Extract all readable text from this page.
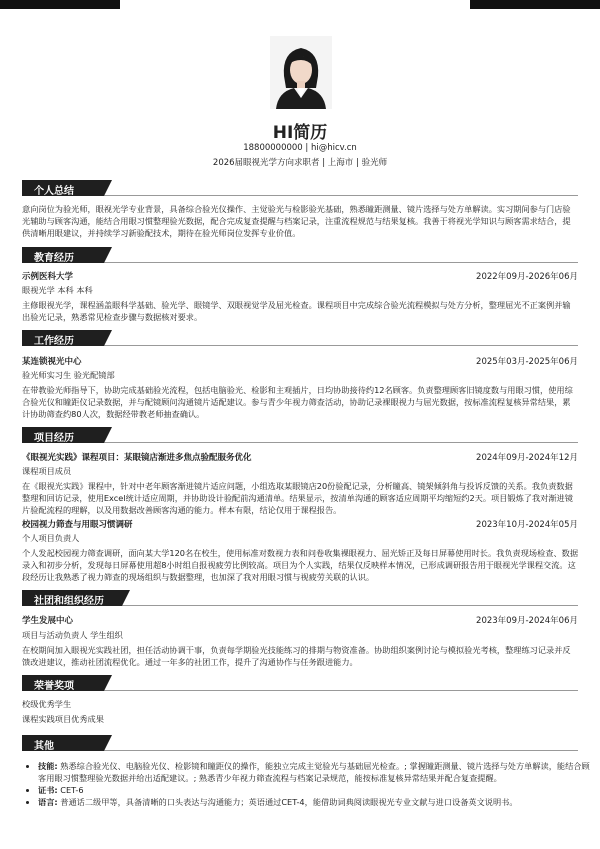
HI简历
18800000000 | hi@hicv.cn
2026届眼视光学方向求职者 | 上海市 | 验光师
个人总结
意向岗位为验光师，眼视光学专业背景，具备综合验光仪操作、主觉验光与检影验光基础，熟悉瞳距测量、镜片选择与处方单解读。实习期间参与门店验光辅助与顾客沟通，能结合用眼习惯整理验光数据，配合完成复查提醒与档案记录，注重流程规范与结果复核。我善于将视光学知识与顾客需求结合，提供清晰用眼建议，并持续学习新验配技术，期待在验光师岗位发挥专业价值。
教育经历
示例医科大学	2022年09月-2026年06月
眼视光学 本科 本科
主修眼视光学，课程涵盖眼科学基础、验光学、眼镜学、双眼视觉学及屈光检查。课程项目中完成综合验光流程模拟与处方分析，整理屈光不正案例并输出验光记录，熟悉常见检查步骤与数据核对要求。
工作经历
某连锁视光中心	2025年03月-2025年06月
验光师实习生 验光配镜部
在带教验光师指导下，协助完成基础验光流程，包括电脑验光、检影和主观插片，日均协助接待约12名顾客。负责整理顾客旧镜度数与用眼习惯，使用综合验光仪和瞳距仪记录数据，并与配镜顾问沟通镜片适配建议。参与青少年视力筛查活动，协助记录裸眼视力与屈光数据，按标准流程复核异常结果，累计协助筛查约80人次，数据经带教老师抽查确认。
项目经历
《眼视光实践》课程项目：某眼镜店渐进多焦点验配服务优化	2024年09月-2024年12月
课程项目成员
在《眼视光实践》课程中，针对中老年顾客渐进镜片适应问题，小组选取某眼镜店20份验配记录，分析瞳高、镜架倾斜角与投诉反馈的关系。我负责数据整理和回访记录，使用Excel统计适应周期，并协助设计验配前沟通清单。结果显示，按清单沟通的顾客适应周期平均缩短约2天。项目锻炼了我对渐进镜片验配流程的理解，以及用数据改善顾客沟通的能力。样本有限，结论仅用于课程报告。
校园视力筛查与用眼习惯调研	2023年10月-2024年05月
个人项目负责人
个人发起校园视力筛查调研，面向某大学120名在校生，使用标准对数视力表和问卷收集裸眼视力、屈光矫正及每日屏幕使用时长。我负责现场检查、数据录入和初步分析，发现每日屏幕使用超8小时组自报视疲劳比例较高。项目为个人实践，结果仅反映样本情况，已形成调研报告用于眼视光学课程交流。这段经历让我熟悉了视力筛查的现场组织与数据整理，也加深了我对用眼习惯与视疲劳关联的认识。
社团和组织经历
学生发展中心	2023年09月-2024年06月
项目与活动负责人 学生组织
在校期间加入眼视光实践社团，担任活动协调干事，负责每学期验光技能练习的排期与物资准备。协助组织案例讨论与模拟验光考核，整理练习记录并反馈改进建议，推动社团流程优化。通过一年多的社团工作，提升了沟通协作与任务跟进能力。
荣誉奖项
校级优秀学生
课程实践项目优秀成果
其他
• 技能: 熟悉综合验光仪、电脑验光仪、检影镜和瞳距仪的操作，能独立完成主觉验光与基础屈光检查。; 掌握瞳距测量、镜片选择与处方单解读，能结合顾客用眼习惯整理验光数据并给出适配建议。; 熟悉青少年视力筛查流程与档案记录规范，能按标准复核异常结果并配合复查提醒。
• 证书: CET-6
• 语言: 普通话二级甲等，具备清晰的口头表达与沟通能力；英语通过CET-4，能借助词典阅读眼视光专业文献与进口设备英文说明书。
